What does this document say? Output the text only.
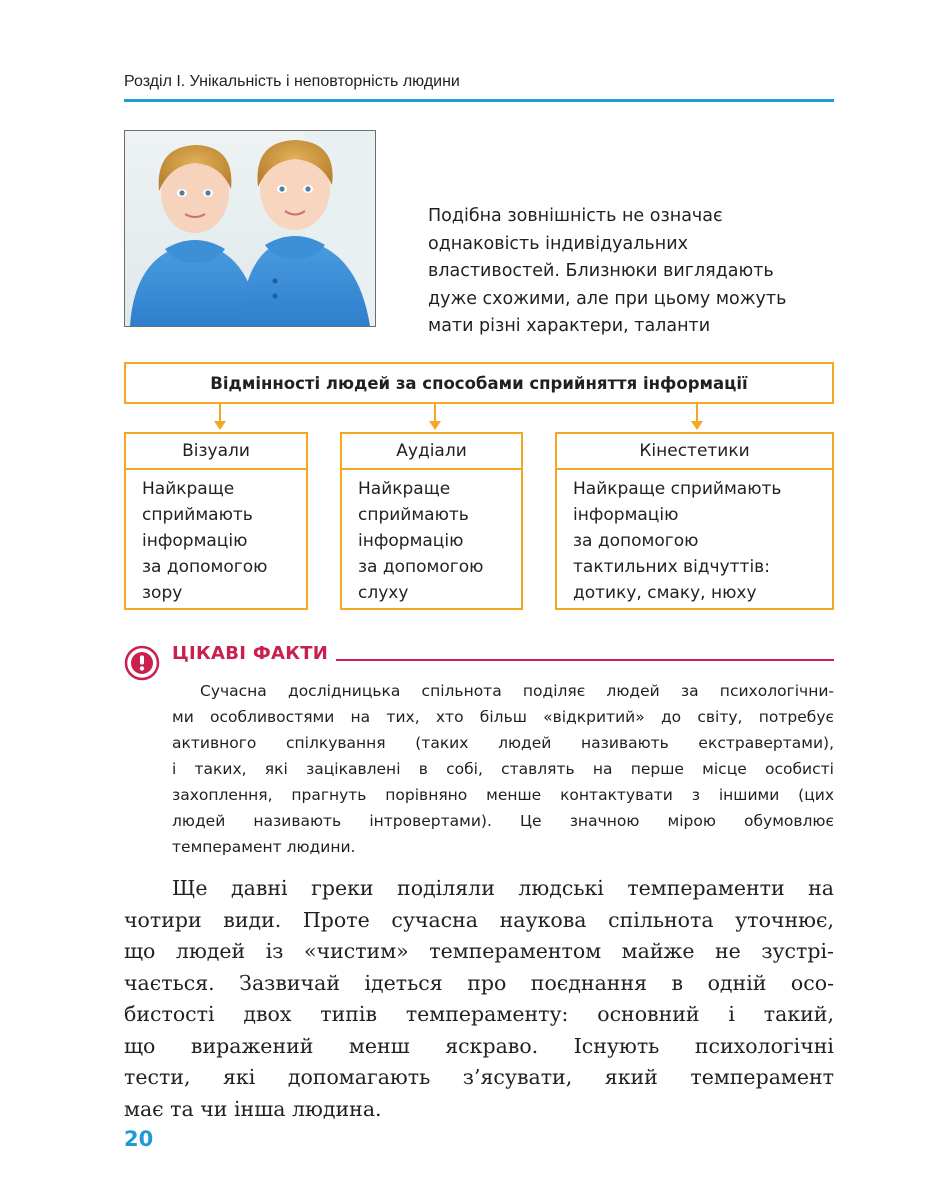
Розділ І. Унікальність і неповторність людини
Подібна зовнішність не означає
однаковість індивідуальних
властивостей. Близнюки виглядають
дуже схожими, але при цьому можуть
мати різні характери, таланти
Відмінності людей за способами сприйняття інформації
Візуали
Найкраще
сприймають
інформацію
за допомогою
зору
Аудіали
Найкраще
сприймають
інформацію
за допомогою
слуху
Кінестетики
Найкраще сприймають
інформацію
за допомогою
тактильних відчуттів:
дотику, смаку, нюху
ЦІКАВІ ФАКТИ
Сучасна дослідницька спільнота поділяє людей за психологічни-
ми особливостями на тих, хто більш «відкритий» до світу, потребує
активного спілкування (таких людей називають екстравертами),
і таких, які зацікавлені в собі, ставлять на перше місце особисті
захоплення, прагнуть порівняно менше контактувати з іншими (цих
людей називають інтровертами). Це значною мірою обумовлює
темперамент людини.
Ще давні греки поділяли людські темпераменти на
чотири види. Проте сучасна наукова спільнота уточнює,
що людей із «чистим» темпераментом майже не зустрі-
чається. Зазвичай ідеться про поєднання в одній осо-
бистості двох типів темпераменту: основний і такий,
що виражений менш яскраво. Існують психологічні
тести, які допомагають з’ясувати, який темперамент
має та чи інша людина.
20
